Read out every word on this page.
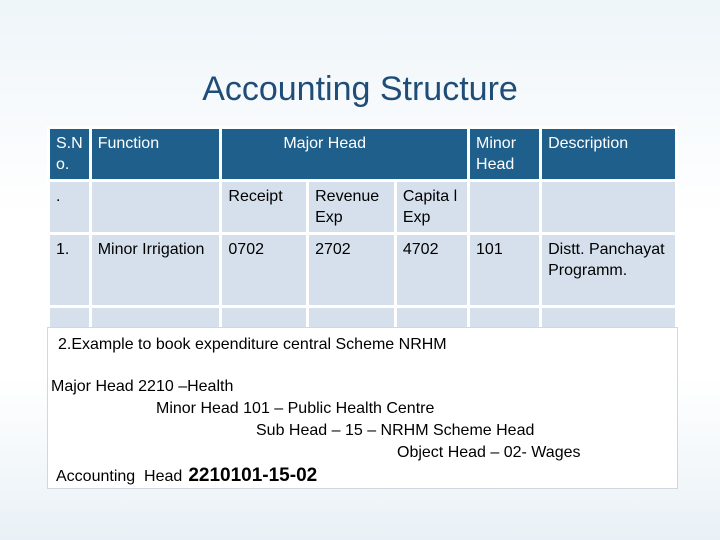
Accounting Structure
S.N o.	Function	Major Head			Minor Head	Description
.		Receipt	Revenue Exp	Capita l Exp		
1.	Minor Irrigation	0702	2702	4702	101	Distt. Panchayat Programm.

2.Example to book expenditure central Scheme NRHM
Major Head 2210 –Health
Minor Head 101 – Public Health Centre
Sub Head – 15 – NRHM Scheme Head
Object Head – 02- Wages
Accounting  Head 2210101-15-02
